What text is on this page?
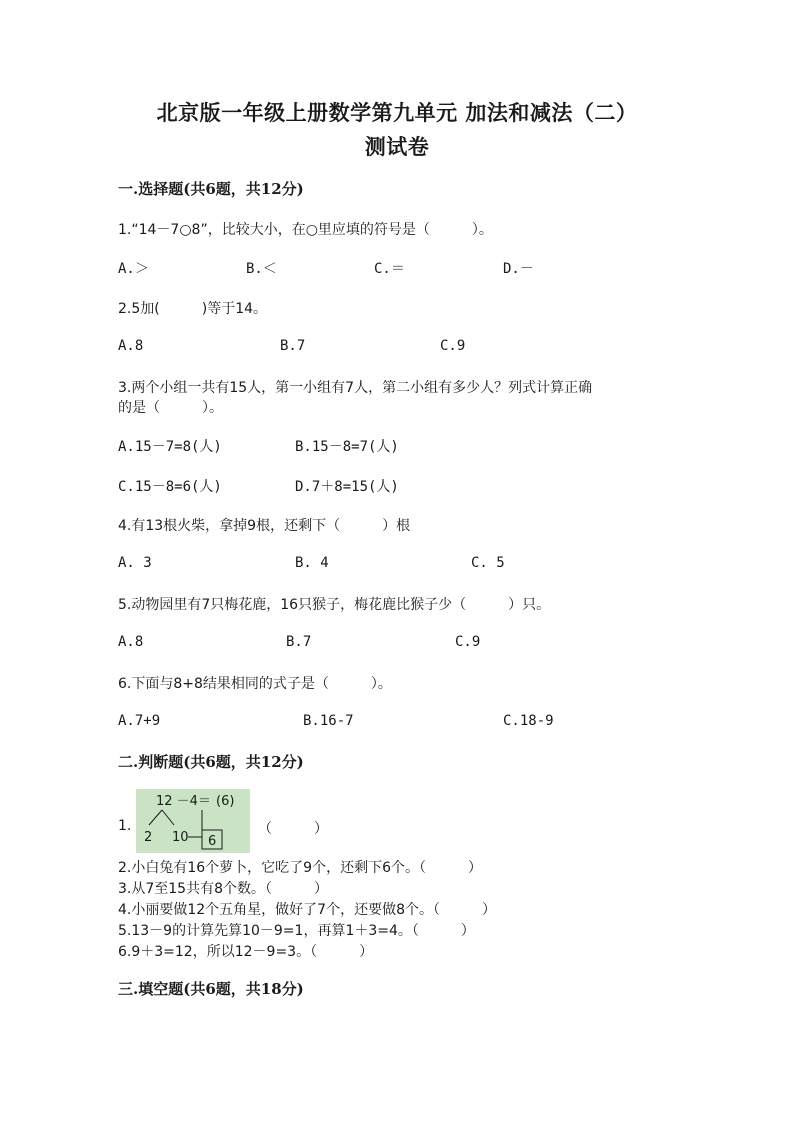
北京版一年级上册数学第九单元 加法和减法（二）
测试卷
一.选择题(共6题，共12分)
1.“14－7○8”，比较大小，在○里应填的符号是（　　　）。
A.＞	B.＜	C.＝	D.－
2.5加(　　　)等于14。
A.8	B.7	C.9
3.两个小组一共有15人，第一小组有7人，第二小组有多少人？列式计算正确
的是（　　　）。
A.15－7=8(人)	B.15－8=7(人)
C.15－8=6(人)	D.7＋8=15(人)
4.有13根火柴，拿掉9根，还剩下（　　　）根
A. 3	B. 4	C. 5
5.动物园里有7只梅花鹿，16只猴子，梅花鹿比猴子少（　　　）只。
A.8	B.7	C.9
6.下面与8+8结果相同的式子是（　　　）。
A.7+9	B.16-7	C.18-9
二.判断题(共6题，共12分)
1.
12 －4＝ (6)
2 10 6
（　　　）
2.小白兔有16个萝卜，它吃了9个，还剩下6个。（　　　）
3.从7至15共有8个数。（　　　）
4.小丽要做12个五角星，做好了7个，还要做8个。（　　　）
5.13－9的计算先算10－9=1，再算1＋3=4。（　　　）
6.9＋3=12，所以12－9=3。（　　　）
三.填空题(共6题，共18分)
